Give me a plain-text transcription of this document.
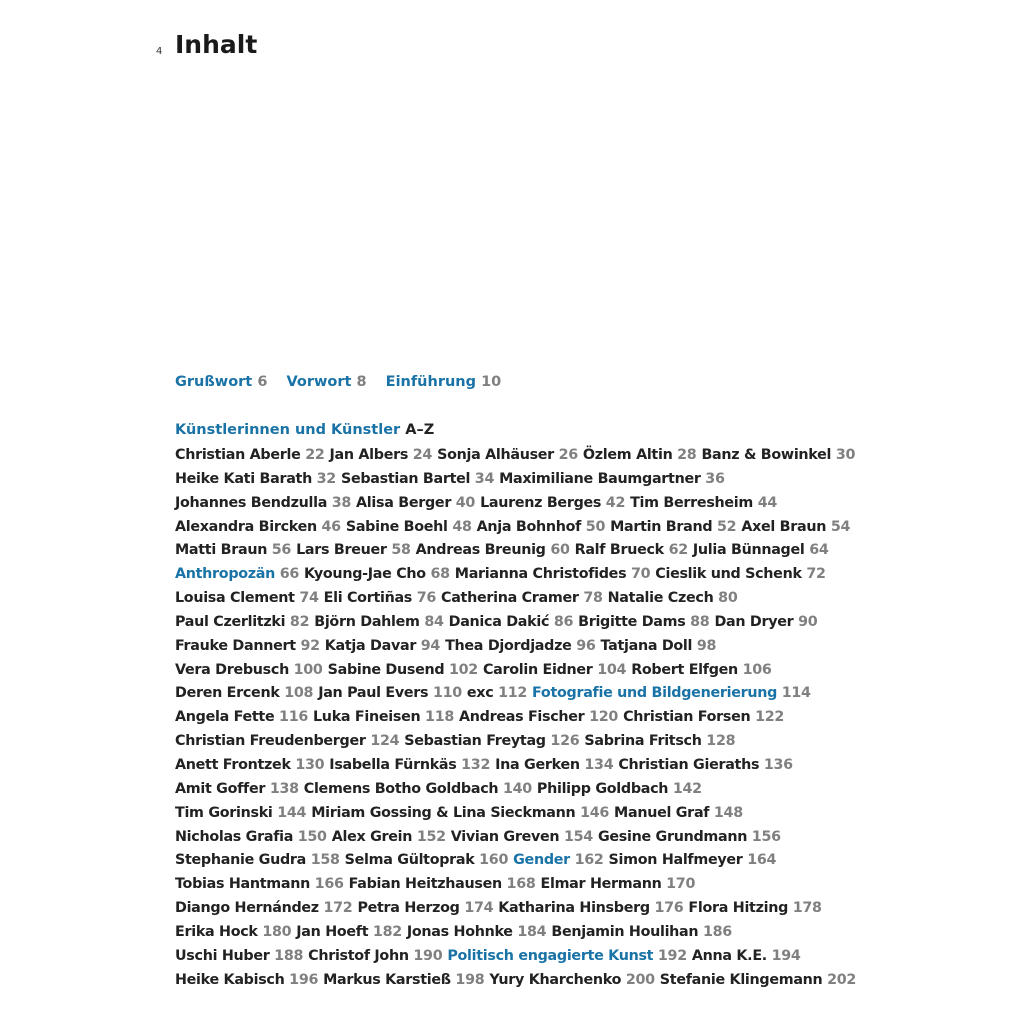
4 Inhalt
Grußwort 6 Vorwort 8 Einführung 10
Künstlerinnen und Künstler A–Z
Christian Aberle 22 Jan Albers 24 Sonja Alhäuser 26 Özlem Altin 28 Banz & Bowinkel 30
Heike Kati Barath 32 Sebastian Bartel 34 Maximiliane Baumgartner 36
Johannes Bendzulla 38 Alisa Berger 40 Laurenz Berges 42 Tim Berresheim 44
Alexandra Bircken 46 Sabine Boehl 48 Anja Bohnhof 50 Martin Brand 52 Axel Braun 54
Matti Braun 56 Lars Breuer 58 Andreas Breunig 60 Ralf Brueck 62 Julia Bünnagel 64
Anthropozän 66 Kyoung-Jae Cho 68 Marianna Christofides 70 Cieslik und Schenk 72
Louisa Clement 74 Eli Cortiñas 76 Catherina Cramer 78 Natalie Czech 80
Paul Czerlitzki 82 Björn Dahlem 84 Danica Dakić 86 Brigitte Dams 88 Dan Dryer 90
Frauke Dannert 92 Katja Davar 94 Thea Djordjadze 96 Tatjana Doll 98
Vera Drebusch 100 Sabine Dusend 102 Carolin Eidner 104 Robert Elfgen 106
Deren Ercenk 108 Jan Paul Evers 110 exc 112 Fotografie und Bildgenerierung 114
Angela Fette 116 Luka Fineisen 118 Andreas Fischer 120 Christian Forsen 122
Christian Freudenberger 124 Sebastian Freytag 126 Sabrina Fritsch 128
Anett Frontzek 130 Isabella Fürnkäs 132 Ina Gerken 134 Christian Gieraths 136
Amit Goffer 138 Clemens Botho Goldbach 140 Philipp Goldbach 142
Tim Gorinski 144 Miriam Gossing & Lina Sieckmann 146 Manuel Graf 148
Nicholas Grafia 150 Alex Grein 152 Vivian Greven 154 Gesine Grundmann 156
Stephanie Gudra 158 Selma Gültoprak 160 Gender 162 Simon Halfmeyer 164
Tobias Hantmann 166 Fabian Heitzhausen 168 Elmar Hermann 170
Diango Hernández 172 Petra Herzog 174 Katharina Hinsberg 176 Flora Hitzing 178
Erika Hock 180 Jan Hoeft 182 Jonas Hohnke 184 Benjamin Houlihan 186
Uschi Huber 188 Christof John 190 Politisch engagierte Kunst 192 Anna K.E. 194
Heike Kabisch 196 Markus Karstieß 198 Yury Kharchenko 200 Stefanie Klingemann 202
